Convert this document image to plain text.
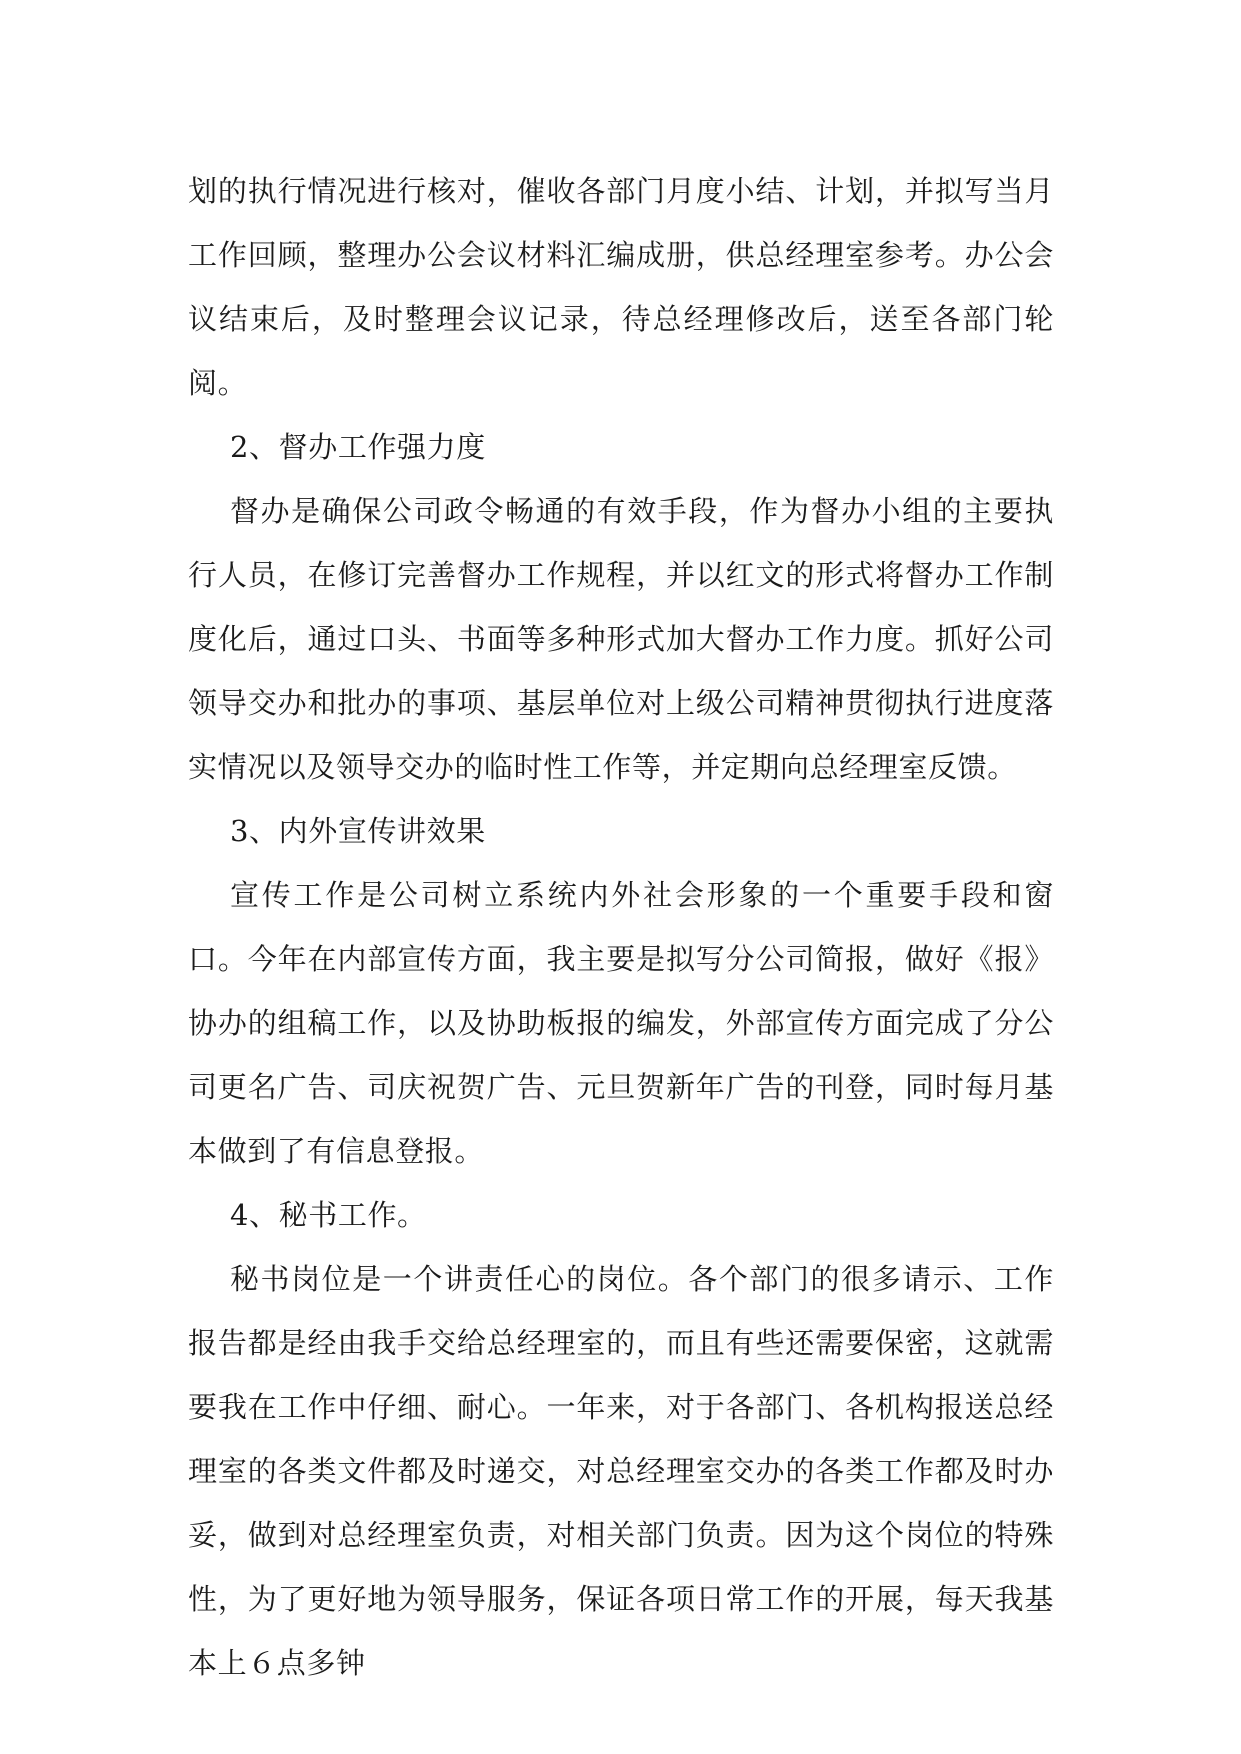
划的执行情况进行核对，催收各部门月度小结、计划，并拟写当月工作回顾，整理办公会议材料汇编成册，供总经理室参考。办公会议结束后，及时整理会议记录，待总经理修改后，送至各部门轮阅。

2、督办工作强力度

督办是确保公司政令畅通的有效手段，作为督办小组的主要执行人员，在修订完善督办工作规程，并以红文的形式将督办工作制度化后，通过口头、书面等多种形式加大督办工作力度。抓好公司领导交办和批办的事项、基层单位对上级公司精神贯彻执行进度落实情况以及领导交办的临时性工作等，并定期向总经理室反馈。

3、内外宣传讲效果

宣传工作是公司树立系统内外社会形象的一个重要手段和窗口。今年在内部宣传方面，我主要是拟写分公司简报，做好《报》协办的组稿工作，以及协助板报的编发，外部宣传方面完成了分公司更名广告、司庆祝贺广告、元旦贺新年广告的刊登，同时每月基本做到了有信息登报。

4、秘书工作。

秘书岗位是一个讲责任心的岗位。各个部门的很多请示、工作报告都是经由我手交给总经理室的，而且有些还需要保密，这就需要我在工作中仔细、耐心。一年来，对于各部门、各机构报送总经理室的各类文件都及时递交，对总经理室交办的各类工作都及时办妥，做到对总经理室负责，对相关部门负责。因为这个岗位的特殊性，为了更好地为领导服务，保证各项日常工作的开展，每天我基本上６点多钟
